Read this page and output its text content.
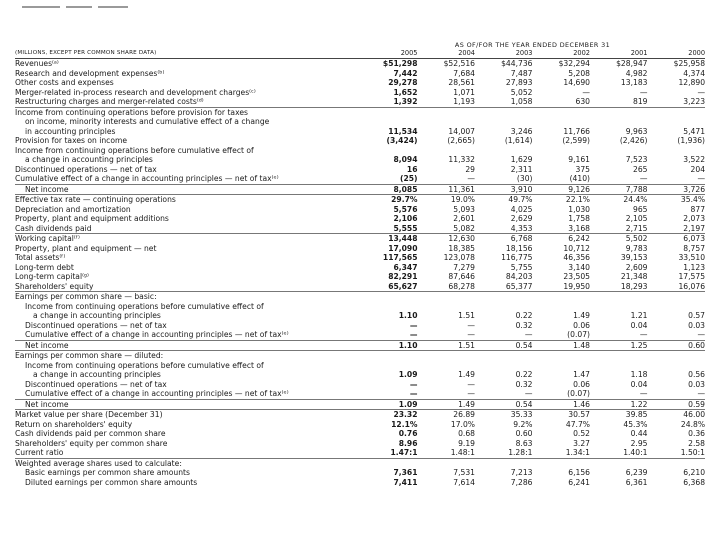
	AS OF/FOR THE YEAR ENDED DECEMBER 31					
(MILLIONS, EXCEPT PER COMMON SHARE DATA)	2005	2004	2003	2002	2001	2000
Revenues⁽ᵃ⁾	$51,298	$52,516	$44,736	$32,294	$28,947	$25,958
Research and development expenses⁽ᵇ⁾	7,442	7,684	7,487	5,208	4,982	4,374
Other costs and expenses	29,278	28,561	27,893	14,690	13,183	12,890
Merger-related in-process research and development charges⁽ᶜ⁾	1,652	1,071	5,052	—	—	—
Restructuring charges and merger-related costs⁽ᵈ⁾	1,392	1,193	1,058	630	819	3,223
Income from continuing operations before provision for taxes						
on income, minority interests and cumulative effect of a change						
in accounting principles	11,534	14,007	3,246	11,766	9,963	5,471
Provision for taxes on income	(3,424)	(2,665)	(1,614)	(2,599)	(2,426)	(1,936)
Income from continuing operations before cumulative effect of						
a change in accounting principles	8,094	11,332	1,629	9,161	7,523	3,522
Discontinued operations — net of tax	16	29	2,311	375	265	204
Cumulative effect of a change in accounting principles — net of tax⁽ᵉ⁾	(25)	—	(30)	(410)	—	—
Net income	8,085	11,361	3,910	9,126	7,788	3,726
Effective tax rate — continuing operations	29.7%	19.0%	49.7%	22.1%	24.4%	35.4%
Depreciation and amortization	5,576	5,093	4,025	1,030	965	877
Property, plant and equipment additions	2,106	2,601	2,629	1,758	2,105	2,073
Cash dividends paid	5,555	5,082	4,353	3,168	2,715	2,197
Working capital⁽ᶠ⁾	13,448	12,630	6,768	6,242	5,502	6,073
Property, plant and equipment — net	17,090	18,385	18,156	10,712	9,783	8,757
Total assets⁽ᶠ⁾	117,565	123,078	116,775	46,356	39,153	33,510
Long-term debt	6,347	7,279	5,755	3,140	2,609	1,123
Long-term capital⁽ᵍ⁾	82,291	87,646	84,203	23,505	21,348	17,575
Shareholders' equity	65,627	68,278	65,377	19,950	18,293	16,076
Earnings per common share — basic:						
Income from continuing operations before cumulative effect of						
a change in accounting principles	1.10	1.51	0.22	1.49	1.21	0.57
Discontinued operations — net of tax	—	—	0.32	0.06	0.04	0.03
Cumulative effect of a change in accounting principles — net of tax⁽ᵉ⁾	—	—	—	(0.07)	—	—
Net income	1.10	1.51	0.54	1.48	1.25	0.60
Earnings per common share — diluted:						
Income from continuing operations before cumulative effect of						
a change in accounting principles	1.09	1.49	0.22	1.47	1.18	0.56
Discontinued operations — net of tax	—	—	0.32	0.06	0.04	0.03
Cumulative effect of a change in accounting principles — net of tax⁽ᵉ⁾	—	—	—	(0.07)	—	—
Net income	1.09	1.49	0.54	1.46	1.22	0.59
Market value per share (December 31)	23.32	26.89	35.33	30.57	39.85	46.00
Return on shareholders' equity	12.1%	17.0%	9.2%	47.7%	45.3%	24.8%
Cash dividends paid per common share	0.76	0.68	0.60	0.52	0.44	0.36
Shareholders' equity per common share	8.96	9.19	8.63	3.27	2.95	2.58
Current ratio	1.47:1	1.48:1	1.28:1	1.34:1	1.40:1	1.50:1
Weighted average shares used to calculate:						
Basic earnings per common share amounts	7,361	7,531	7,213	6,156	6,239	6,210
Diluted earnings per common share amounts	7,411	7,614	7,286	6,241	6,361	6,368
